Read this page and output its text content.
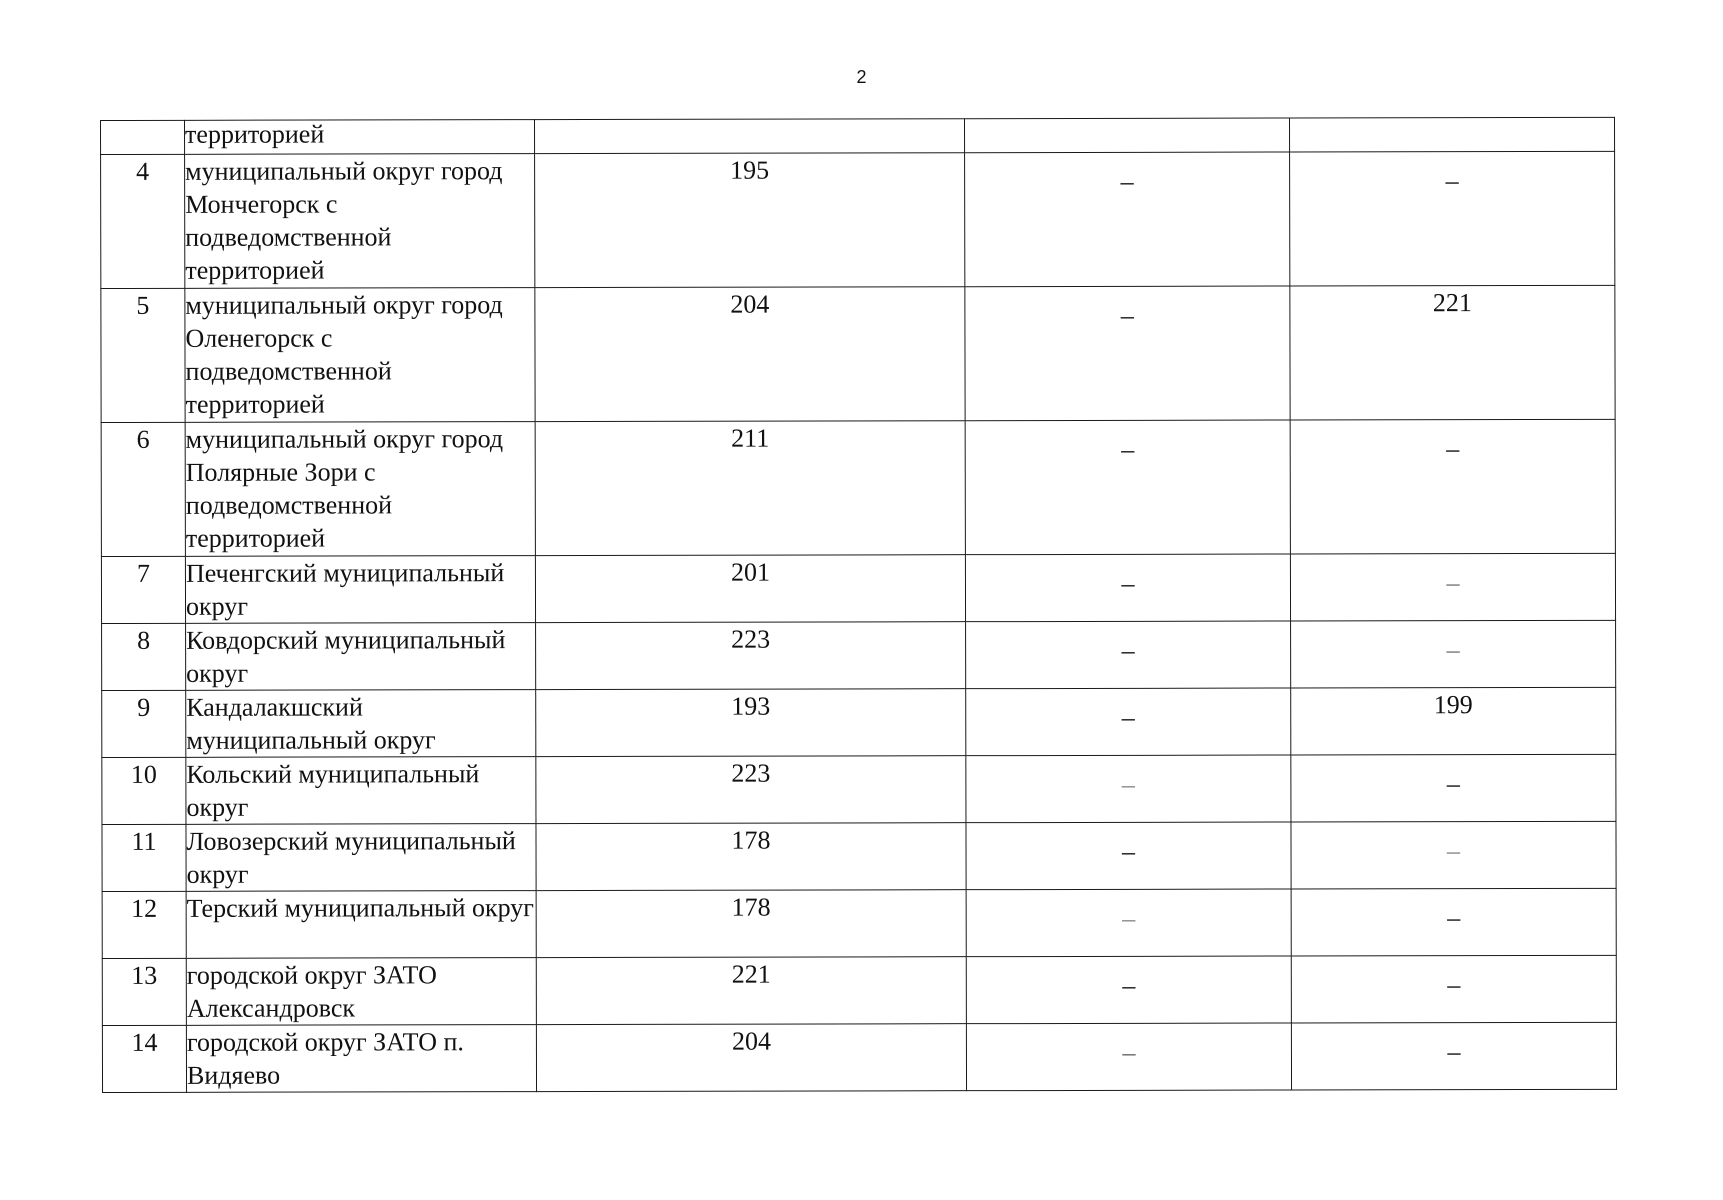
2
	территорией			
4	муниципальный округ город Мончегорск с подведомственной территорией	195	–	–
5	муниципальный округ город Оленегорск с подведомственной территорией	204	–	221
6	муниципальный округ город Полярные Зори с подведомственной территорией	211	–	–
7	Печенгский муниципальный округ	201	–	–
8	Ковдорский муниципальный округ	223	–	–
9	Кандалакшский муниципальный округ	193	–	199
10	Кольский муниципальный округ	223	–	–
11	Ловозерский муниципальный округ	178	–	–
12	Терский муниципальный округ	178	–	–
13	городской округ ЗАТО Александровск	221	–	–
14	городской округ ЗАТО п. Видяево	204	–	–
